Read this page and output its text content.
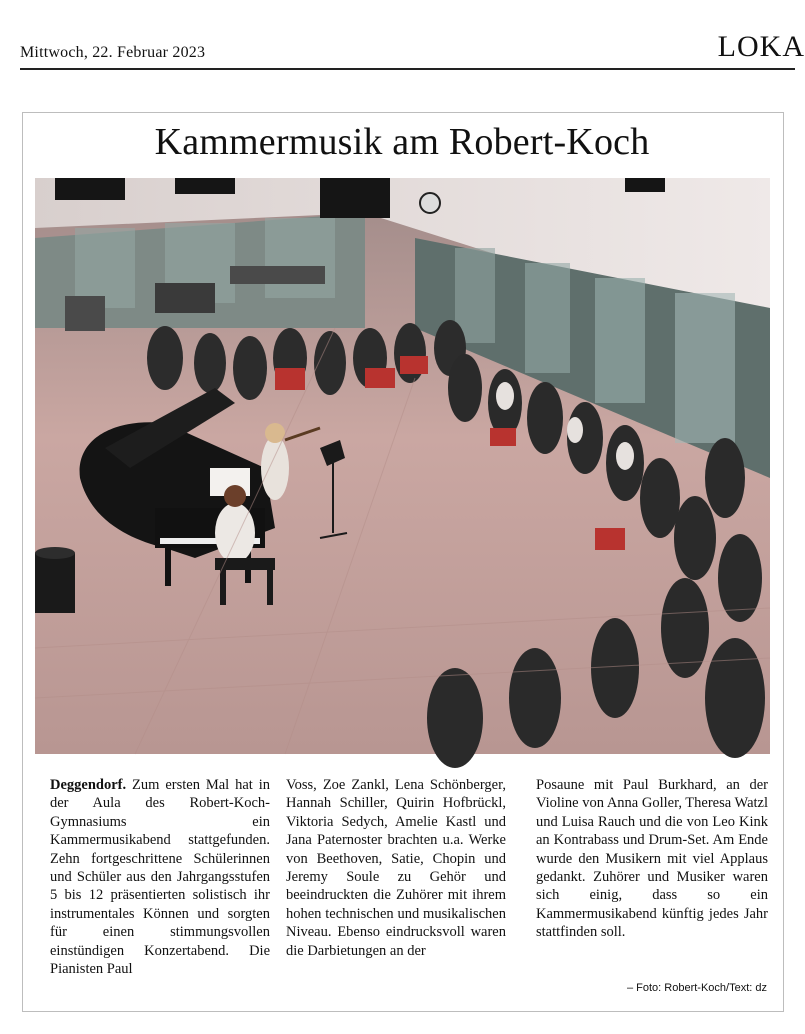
Mittwoch, 22. Februar 2023	LOKA
Kammermusik am Robert-Koch
Deggendorf. Zum ersten Mal hat in der Aula des Robert-Koch-Gymnasiums ein Kammermusikabend stattgefunden. Zehn fortgeschrittene Schülerinnen und Schüler aus den Jahrgangsstufen 5 bis 12 präsentierten solistisch ihr instrumentales Können und sorgten für einen stimmungsvollen einstündigen Konzertabend. Die Pianisten Paul
Voss, Zoe Zankl, Lena Schönberger, Hannah Schiller, Quirin Hofbrückl, Viktoria Sedych, Amelie Kastl und Jana Paternoster brachten u.a. Werke von Beethoven, Satie, Chopin und Jeremy Soule zu Gehör und beeindruckten die Zuhörer mit ihrem hohen technischen und musikalischen Niveau. Ebenso eindrucksvoll waren die Darbietungen an der
Posaune mit Paul Burkhard, an der Violine von Anna Goller, Theresa Watzl und Luisa Rauch und die von Leo Kink an Kontrabass und Drum-Set. Am Ende wurde den Musikern mit viel Applaus gedankt. Zuhörer und Musiker waren sich einig, dass so ein Kammermusikabend künftig jedes Jahr stattfinden soll.
– Foto: Robert-Koch/Text: dz
